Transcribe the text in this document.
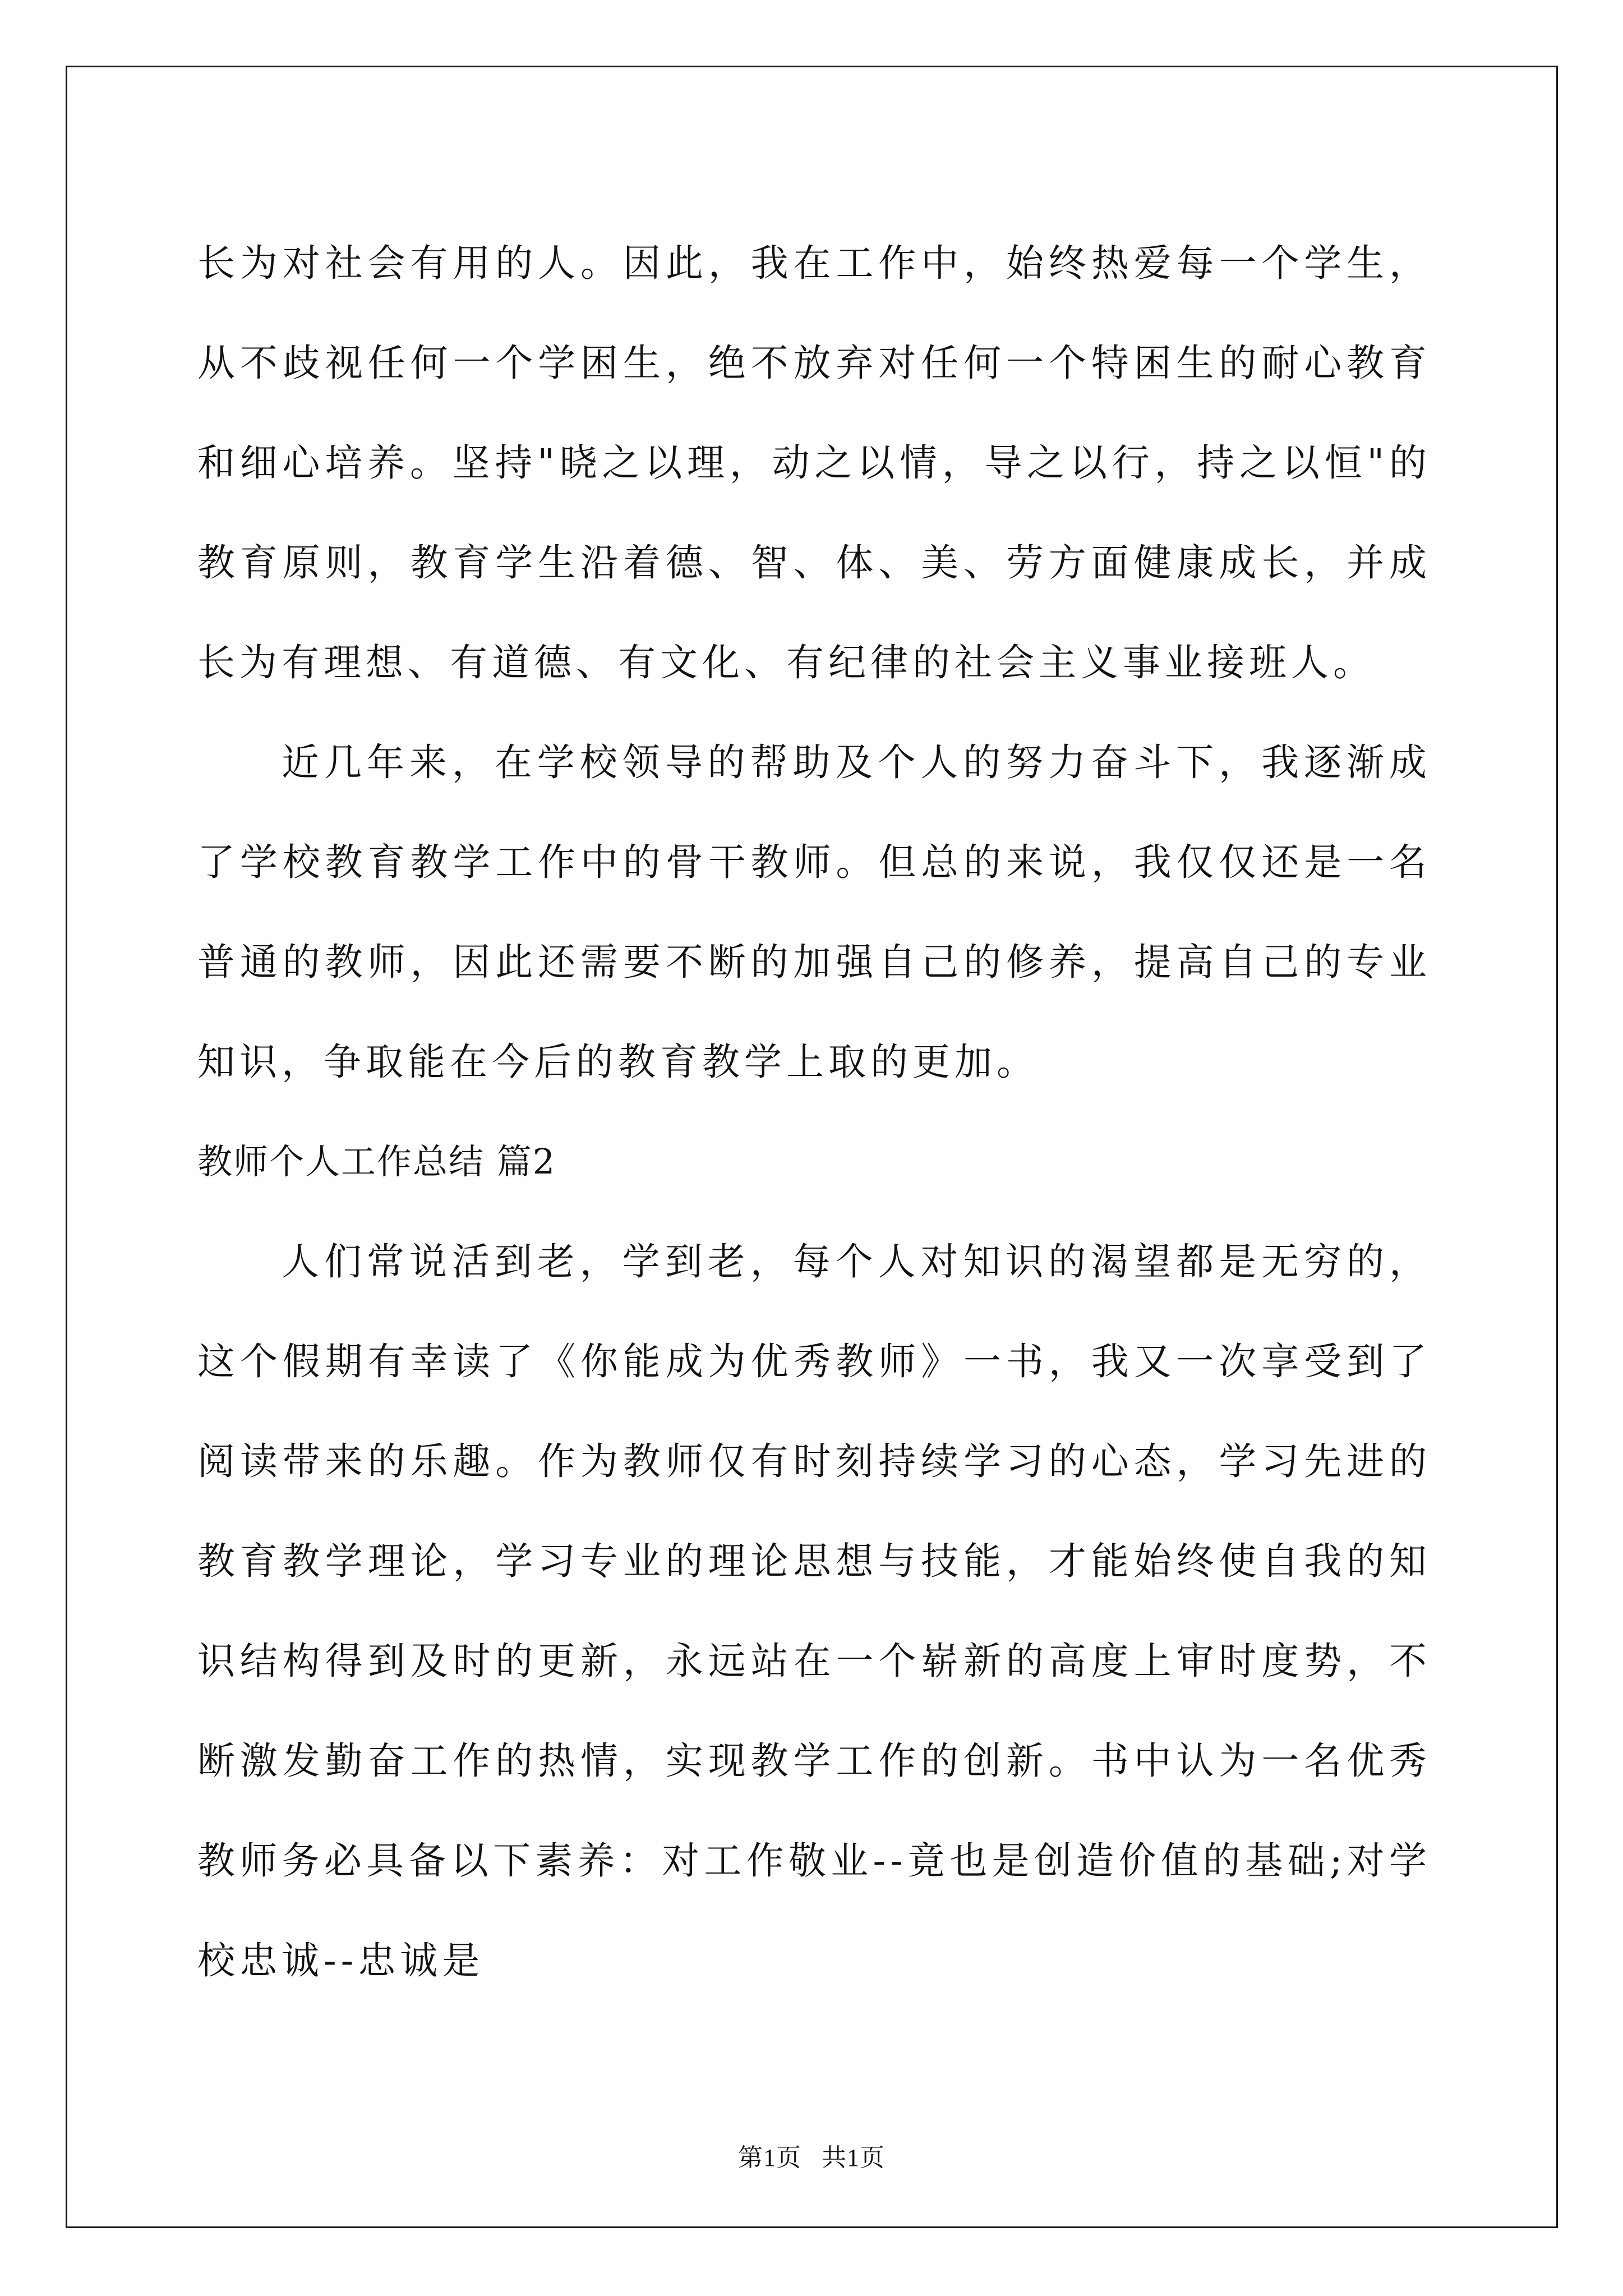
长为对社会有用的人。因此，我在工作中，始终热爱每一个学生，从不歧视任何一个学困生，绝不放弃对任何一个特困生的耐心教育和细心培养。坚持"晓之以理，动之以情，导之以行，持之以恒"的教育原则，教育学生沿着德、智、体、美、劳方面健康成长，并成长为有理想、有道德、有文化、有纪律的社会主义事业接班人。

近几年来，在学校领导的帮助及个人的努力奋斗下，我逐渐成了学校教育教学工作中的骨干教师。但总的来说，我仅仅还是一名普通的教师，因此还需要不断的加强自己的修养，提高自己的专业知识，争取能在今后的教育教学上取的更加。

教师个人工作总结 篇2

人们常说活到老，学到老，每个人对知识的渴望都是无穷的，这个假期有幸读了《你能成为优秀教师》一书，我又一次享受到了阅读带来的乐趣。作为教师仅有时刻持续学习的心态，学习先进的教育教学理论，学习专业的理论思想与技能，才能始终使自我的知识结构得到及时的更新，永远站在一个崭新的高度上审时度势，不断激发勤奋工作的热情，实现教学工作的创新。书中认为一名优秀教师务必具备以下素养：对工作敬业--竟也是创造价值的基础;对学校忠诚--忠诚是

第1页 共1页
